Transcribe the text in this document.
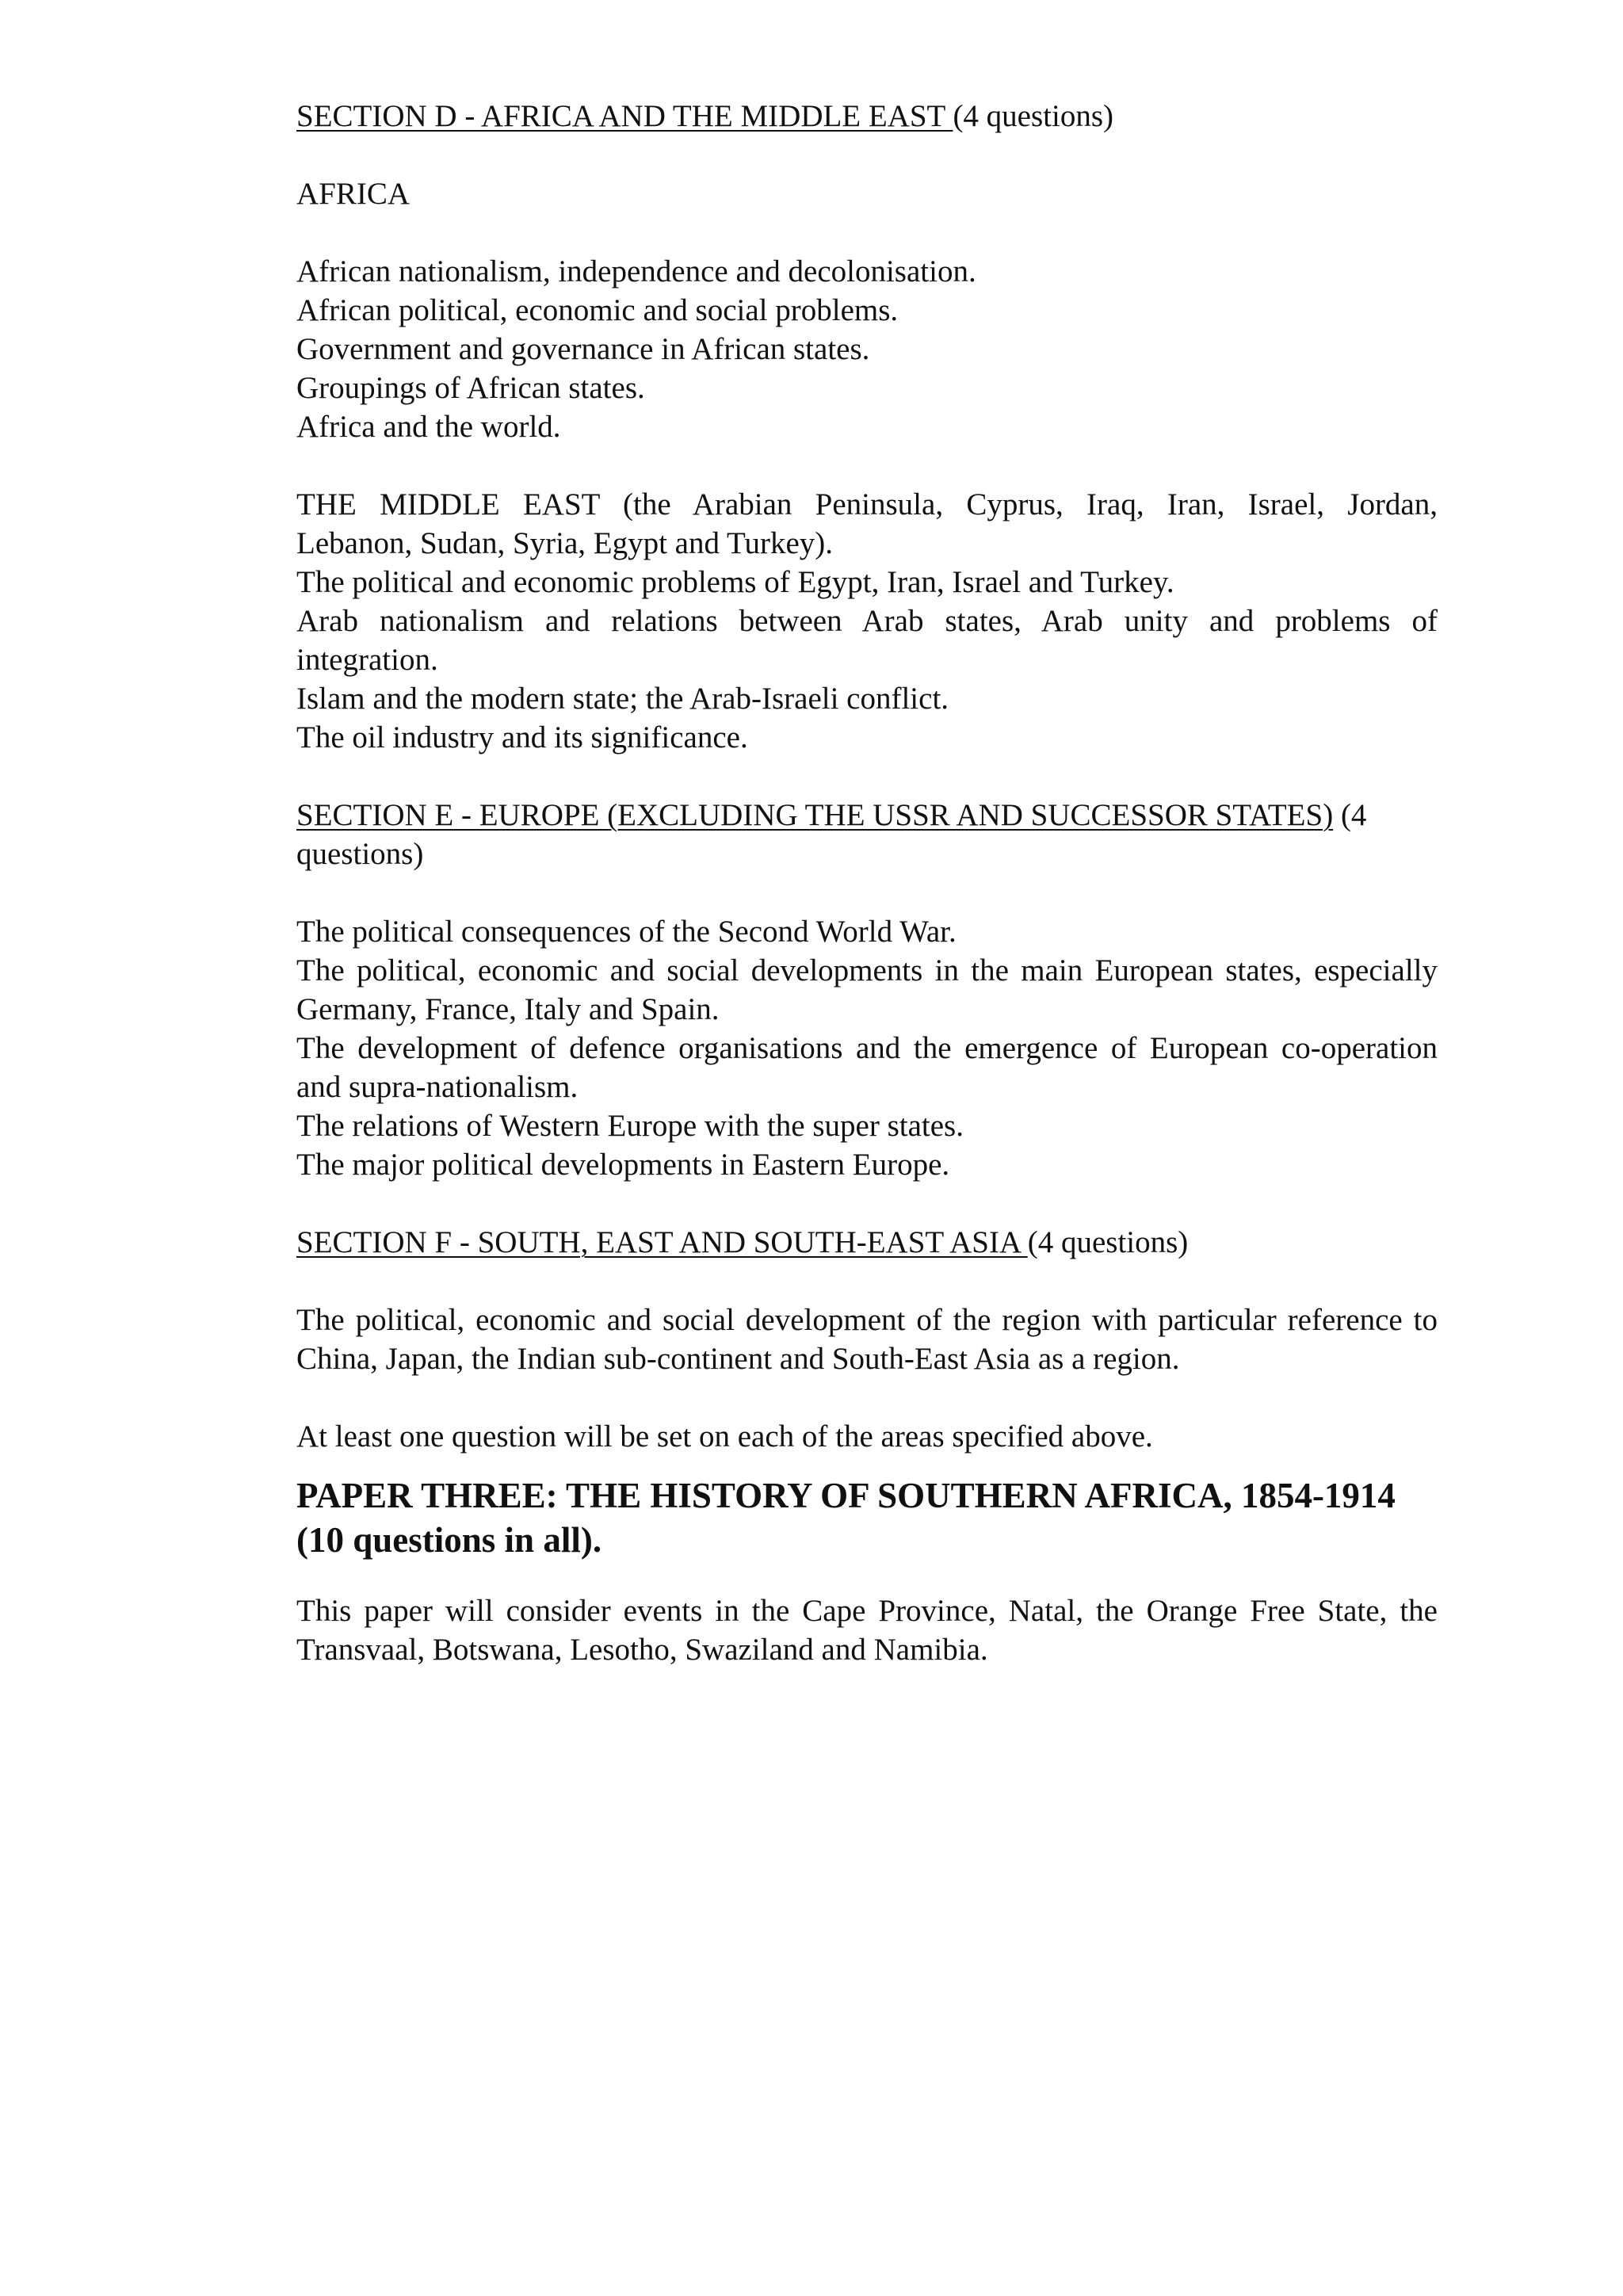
SECTION D - AFRICA AND THE MIDDLE EAST (4 questions)
AFRICA
African nationalism, independence and decolonisation.
African political, economic and social problems.
Government and governance in African states.
Groupings of African states.
Africa and the world.
THE MIDDLE EAST (the Arabian Peninsula, Cyprus, Iraq, Iran, Israel, Jordan,
Lebanon, Sudan, Syria, Egypt and Turkey).
The political and economic problems of Egypt, Iran, Israel and Turkey.
Arab nationalism and relations between Arab states, Arab unity and problems of
integration.
Islam and the modern state; the Arab-Israeli conflict.
The oil industry and its significance.
SECTION E - EUROPE (EXCLUDING THE USSR AND SUCCESSOR STATES) (4
questions)
The political consequences of the Second World War.
The political, economic and social developments in the main European states, especially
Germany, France, Italy and Spain.
The development of defence organisations and the emergence of European co-operation
and supra-nationalism.
The relations of Western Europe with the super states.
The major political developments in Eastern Europe.
SECTION F - SOUTH, EAST AND SOUTH-EAST ASIA (4 questions)
The political, economic and social development of the region with particular reference to
China, Japan, the Indian sub-continent and South-East Asia as a region.
At least one question will be set on each of the areas specified above.
PAPER THREE: THE HISTORY OF SOUTHERN AFRICA, 1854-1914
(10 questions in all).
This paper will consider events in the Cape Province, Natal, the Orange Free State, the
Transvaal, Botswana, Lesotho, Swaziland and Namibia.
